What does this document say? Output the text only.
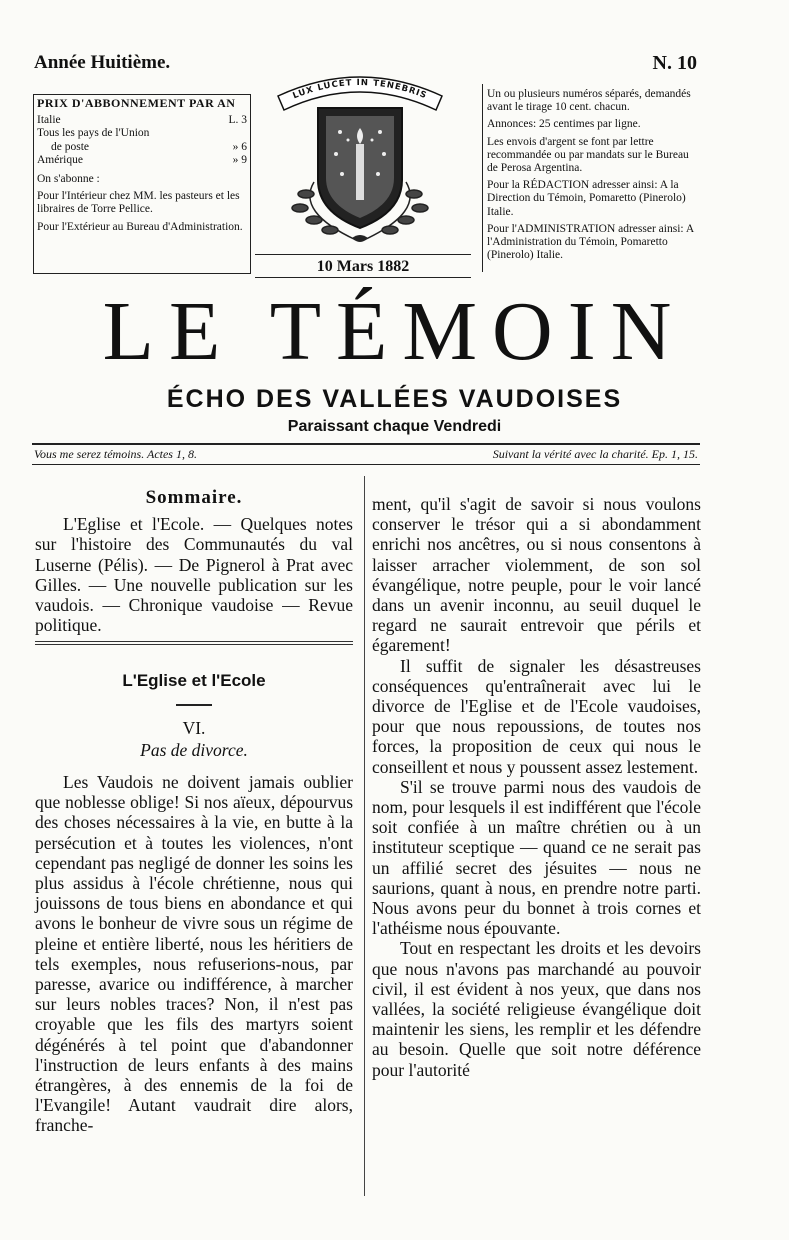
Année Huitième.	N. 10

PRIX D'ABBONNEMENT PAR AN

Italie	L. 3
Tous les pays de l'Union
de poste	» 6
Amérique	» 9

On s'abonne :

Pour l'Intérieur chez MM. les pasteurs et les libraires de Torre Pellice.

Pour l'Extérieur au Bureau d'Administration.

LUX LUCET IN TENEBRIS
10 Mars 1882

Un ou plusieurs numéros séparés, demandés avant le tirage 10 cent. chacun.

Annonces: 25 centimes par ligne.

Les envois d'argent se font par lettre recommandée ou par mandats sur le Bureau de Perosa Argentina.

Pour la RÉDACTION adresser ainsi: A la Direction du Témoin, Pomaretto (Pinerolo) Italie.

Pour l'ADMINISTRATION adresser ainsi: A l'Administration du Témoin, Pomaretto (Pinerolo) Italie.

LE TÉMOIN
ÉCHO DES VALLÉES VAUDOISES
Paraissant chaque Vendredi
Vous me serez témoins. Actes 1, 8.	Suivant la vérité avec la charité. Ep. 1, 15.

Sommaire.

L'Eglise et l'Ecole. — Quelques notes sur l'histoire des Communautés du val Luserne (Pélis). — De Pignerol à Prat avec Gilles. — Une nouvelle publication sur les vaudois. — Chronique vaudoise — Revue politique.

L'Eglise et l'Ecole

VI.

Pas de divorce.

Les Vaudois ne doivent jamais oublier que noblesse oblige! Si nos aïeux, dépourvus des choses nécessaires à la vie, en butte à la persécution et à toutes les violences, n'ont cependant pas negligé de donner les soins les plus assidus à l'école chrétienne, nous qui jouissons de tous biens en abondance et qui avons le bonheur de vivre sous un régime de pleine et entière liberté, nous les héritiers de tels exemples, nous refuserions-nous, par paresse, avarice ou indifférence, à marcher sur leurs nobles traces? Non, il n'est pas croyable que les fils des martyrs soient dégénérés à tel point que d'abandonner l'instruction de leurs enfants à des mains étrangères, à des ennemis de la foi de l'Evangile! Autant vaudrait dire alors, franche-

ment, qu'il s'agit de savoir si nous voulons conserver le trésor qui a si abondamment enrichi nos ancêtres, ou si nous consentons à laisser arracher violemment, de son sol évangélique, notre peuple, pour le voir lancé dans un avenir inconnu, au seuil duquel le regard ne saurait entrevoir que périls et égarement!

Il suffit de signaler les désastreuses conséquences qu'entraînerait avec lui le divorce de l'Eglise et de l'Ecole vaudoises, pour que nous repoussions, de toutes nos forces, la proposition de ceux qui nous le conseillent et nous y poussent assez lestement.

S'il se trouve parmi nous des vaudois de nom, pour lesquels il est indifférent que l'école soit confiée à un maître chrétien ou à un instituteur sceptique — quand ce ne serait pas un affilié secret des jésuites — nous ne saurions, quant à nous, en prendre notre parti. Nous avons peur du bonnet à trois cornes et l'athéisme nous épouvante.

Tout en respectant les droits et les devoirs que nous n'avons pas marchandé au pouvoir civil, il est évident à nos yeux, que dans nos vallées, la société religieuse évangélique doit maintenir les siens, les remplir et les défendre au besoin. Quelle que soit notre déférence pour l'autorité
